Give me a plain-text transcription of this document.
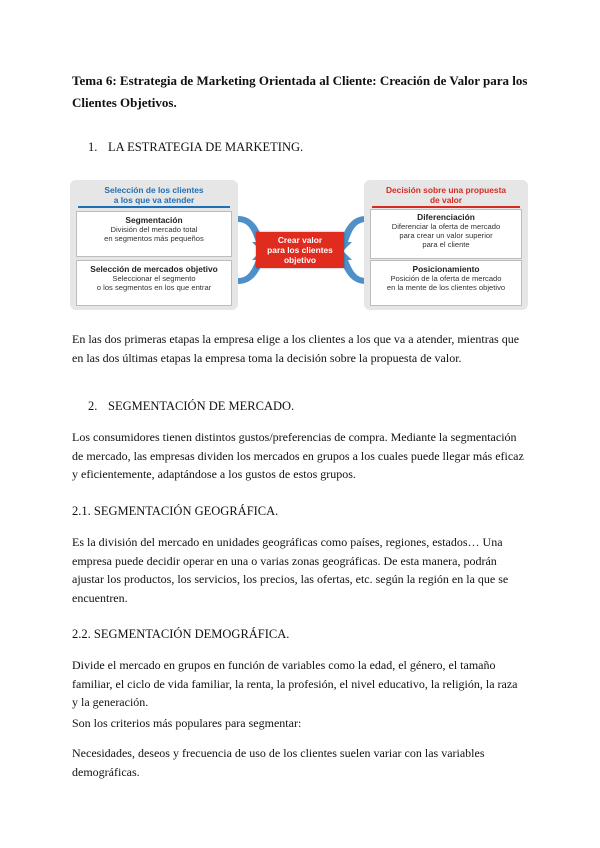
Tema 6: Estrategia de Marketing Orientada al Cliente: Creación de Valor para los
Clientes Objetivos.
1. LA ESTRATEGIA DE MARKETING.
Selección de los clientes
a los que va atender
Segmentación
División del mercado total
en segmentos más pequeños
Selección de mercados objetivo
Seleccionar el segmento
o los segmentos en los que entrar
Crear valor
para los clientes
objetivo
Decisión sobre una propuesta
de valor
Diferenciación
Diferenciar la oferta de mercado
para crear un valor superior
para el cliente
Posicionamiento
Posición de la oferta de mercado
en la mente de los clientes objetivo
En las dos primeras etapas la empresa elige a los clientes a los que va a atender, mientras que
en las dos últimas etapas la empresa toma la decisión sobre la propuesta de valor.
2. SEGMENTACIÓN DE MERCADO.
Los consumidores tienen distintos gustos/preferencias de compra. Mediante la segmentación
de mercado, las empresas dividen los mercados en grupos a los cuales puede llegar más eficaz
y eficientemente, adaptándose a los gustos de estos grupos.
2.1. SEGMENTACIÓN GEOGRÁFICA.
Es la división del mercado en unidades geográficas como países, regiones, estados… Una
empresa puede decidir operar en una o varias zonas geográficas. De esta manera, podrán
ajustar los productos, los servicios, los precios, las ofertas, etc. según la región en la que se
encuentren.
2.2. SEGMENTACIÓN DEMOGRÁFICA.
Divide el mercado en grupos en función de variables como la edad, el género, el tamaño
familiar, el ciclo de vida familiar, la renta, la profesión, el nivel educativo, la religión, la raza
y la generación.
Son los criterios más populares para segmentar:
Necesidades, deseos y frecuencia de uso de los clientes suelen variar con las variables
demográficas.
